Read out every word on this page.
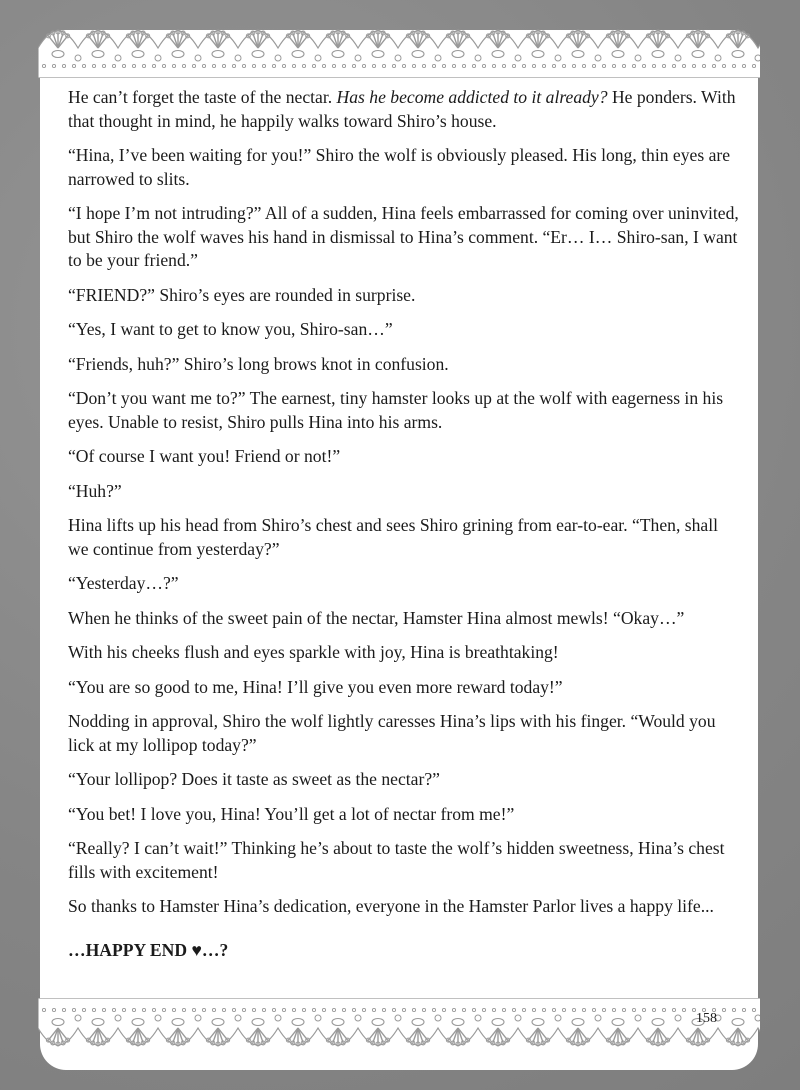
He can’t forget the taste of the nectar. Has he become addicted to it already? He ponders. With that thought in mind, he happily walks toward Shiro’s house.

“Hina, I’ve been waiting for you!” Shiro the wolf is obviously pleased. His long, thin eyes are narrowed to slits.

“I hope I’m not intruding?” All of a sudden, Hina feels embarrassed for coming over uninvited, but Shiro the wolf waves his hand in dismissal to Hina’s comment. “Er… I… Shiro-san, I want to be your friend.”

“FRIEND?” Shiro’s eyes are rounded in surprise.

“Yes, I want to get to know you, Shiro-san…”

“Friends, huh?” Shiro’s long brows knot in confusion.

“Don’t you want me to?” The earnest, tiny hamster looks up at the wolf with eagerness in his eyes. Unable to resist, Shiro pulls Hina into his arms.

“Of course I want you! Friend or not!”

“Huh?”

Hina lifts up his head from Shiro’s chest and sees Shiro grining from ear-to-ear. “Then, shall we continue from yesterday?”

“Yesterday…?”

When he thinks of the sweet pain of the nectar, Hamster Hina almost mewls! “Okay…”

With his cheeks flush and eyes sparkle with joy, Hina is breathtaking!

“You are so good to me, Hina! I’ll give you even more reward today!”

Nodding in approval, Shiro the wolf lightly caresses Hina’s lips with his finger. “Would you lick at my lollipop today?”

“Your lollipop? Does it taste as sweet as the nectar?”

“You bet! I love you, Hina! You’ll get a lot of nectar from me!”

“Really? I can’t wait!” Thinking he’s about to taste the wolf’s hidden sweetness, Hina’s chest fills with excitement!

So thanks to Hamster Hina’s dedication, everyone in the Hamster Parlor lives a happy life...

…HAPPY END ♥…?

158
